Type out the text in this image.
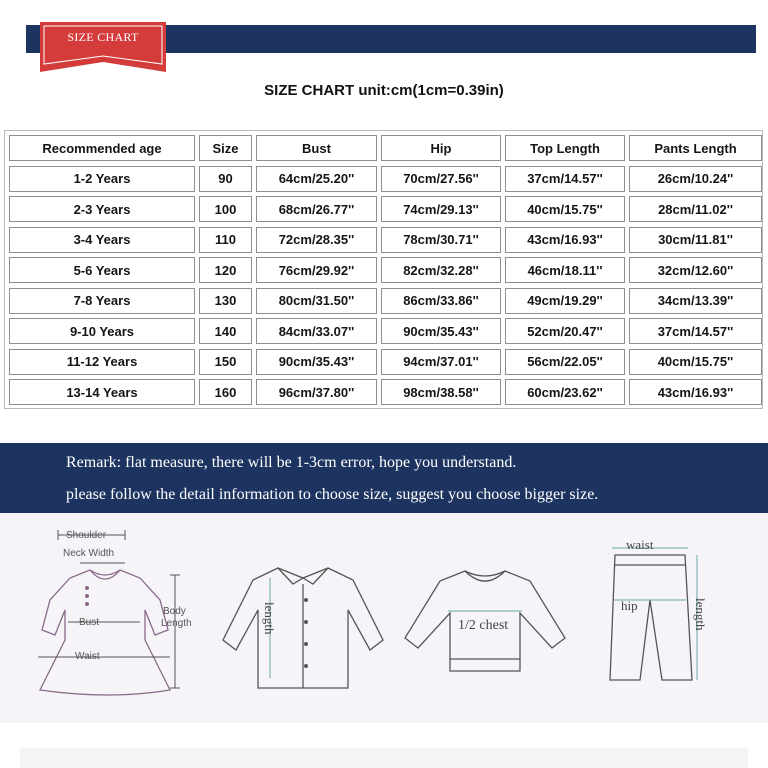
SIZE CHART
SIZE CHART unit:cm(1cm=0.39in)
Recommended age	Size	Bust	Hip	Top Length	Pants Length
1-2 Years	90	64cm/25.20''	70cm/27.56''	37cm/14.57''	26cm/10.24''
2-3 Years	100	68cm/26.77''	74cm/29.13''	40cm/15.75''	28cm/11.02''
3-4 Years	110	72cm/28.35''	78cm/30.71''	43cm/16.93''	30cm/11.81''
5-6 Years	120	76cm/29.92''	82cm/32.28''	46cm/18.11''	32cm/12.60''
7-8 Years	130	80cm/31.50''	86cm/33.86''	49cm/19.29''	34cm/13.39''
9-10 Years	140	84cm/33.07''	90cm/35.43''	52cm/20.47''	37cm/14.57''
11-12 Years	150	90cm/35.43''	94cm/37.01''	56cm/22.05''	40cm/15.75''
13-14 Years	160	96cm/37.80''	98cm/38.58''	60cm/23.62''	43cm/16.93''
Remark: flat measure, there will be 1-3cm error, hope you understand.
please follow the detail information to choose size, suggest you choose bigger size.
Shoulder
Neck Width
Bust
Waist
Body
Length	length	1/2 chest
waist
hip	length
